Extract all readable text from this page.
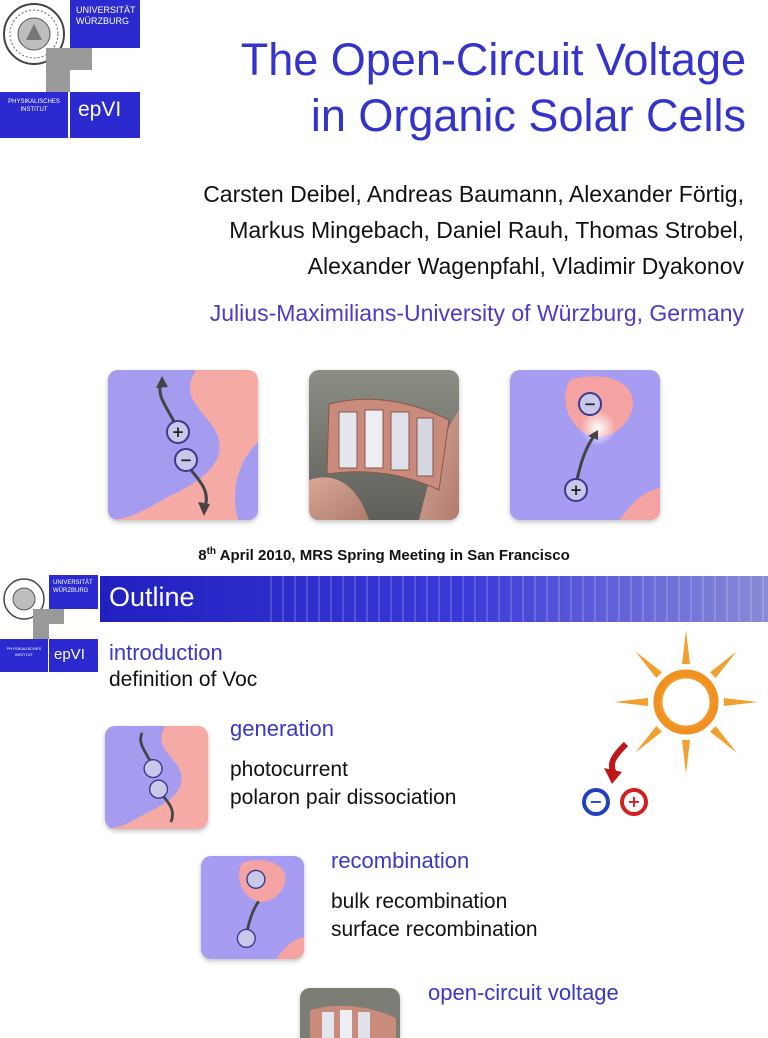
UNIVERSITÄT
WÜRZBURG
PHYSIKALISCHES
INSTITUT	epVI
The Open-Circuit Voltage
in Organic Solar Cells
Carsten Deibel, Andreas Baumann, Alexander Förtig,
Markus Mingebach, Daniel Rauh, Thomas Strobel,
Alexander Wagenpfahl, Vladimir Dyakonov
Julius-Maximilians-University of Würzburg, Germany
+
−
−
+
8th April 2010, MRS Spring Meeting in San Francisco
UNIVERSITÄT
WÜRZBURG
PHYSIKALISCHES
INSTITUT	epVI
Outline
− +
introduction
definition of Voc
generation
photocurrent
polaron pair dissociation
recombination
bulk recombination
surface recombination
open-circuit voltage
